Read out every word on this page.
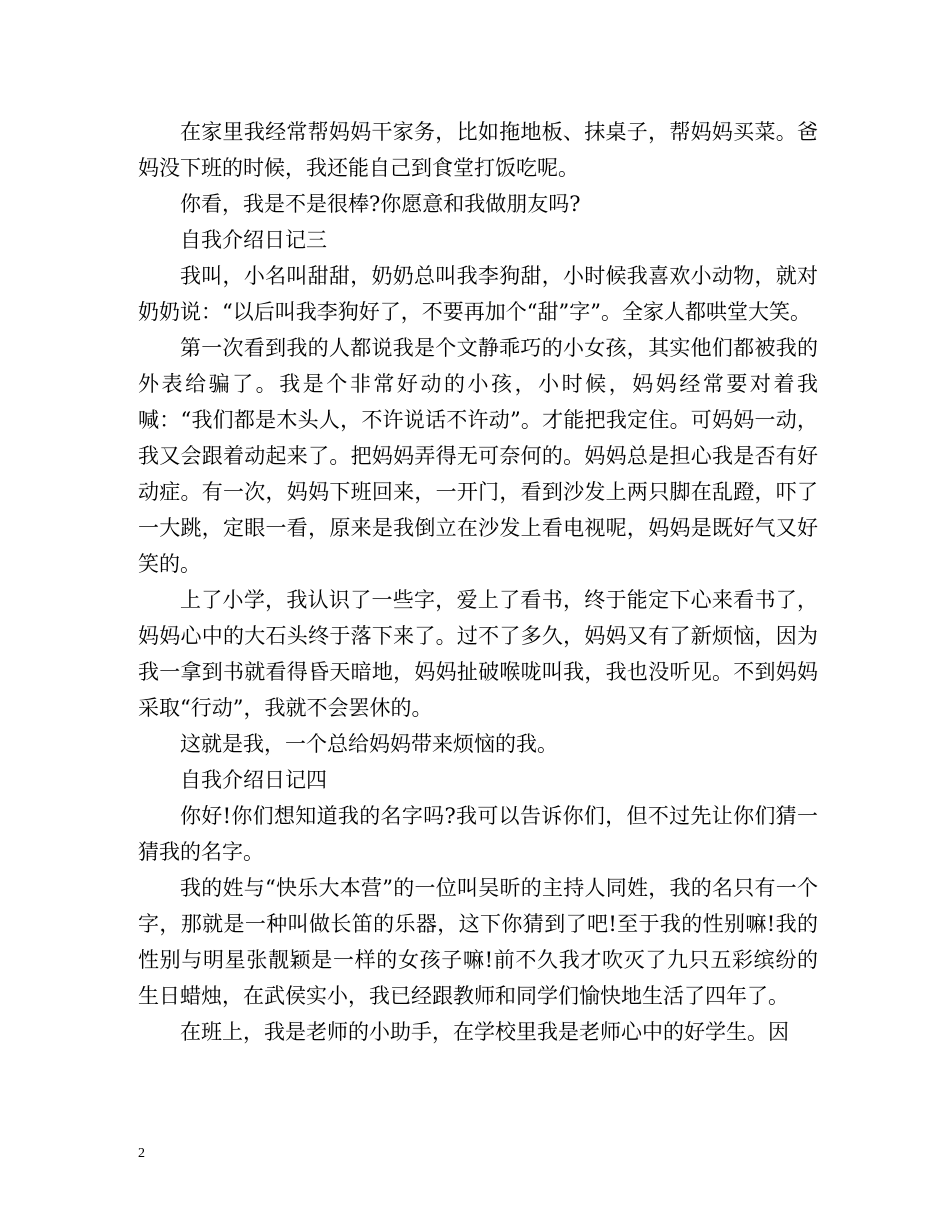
在家里我经常帮妈妈干家务，比如拖地板、抹桌子，帮妈妈买菜。爸妈没下班的时候，我还能自己到食堂打饭吃呢。

你看，我是不是很棒?你愿意和我做朋友吗?

自我介绍日记三

我叫，小名叫甜甜，奶奶总叫我李狗甜，小时候我喜欢小动物，就对奶奶说：“以后叫我李狗好了，不要再加个“甜”字”。全家人都哄堂大笑。

第一次看到我的人都说我是个文静乖巧的小女孩，其实他们都被我的外表给骗了。我是个非常好动的小孩，小时候，妈妈经常要对着我喊：“我们都是木头人，不许说话不许动”。才能把我定住。可妈妈一动，我又会跟着动起来了。把妈妈弄得无可奈何的。妈妈总是担心我是否有好动症。有一次，妈妈下班回来，一开门，看到沙发上两只脚在乱蹬，吓了一大跳，定眼一看，原来是我倒立在沙发上看电视呢，妈妈是既好气又好笑的。

上了小学，我认识了一些字，爱上了看书，终于能定下心来看书了，妈妈心中的大石头终于落下来了。过不了多久，妈妈又有了新烦恼，因为我一拿到书就看得昏天暗地，妈妈扯破喉咙叫我，我也没听见。不到妈妈采取“行动”，我就不会罢休的。

这就是我，一个总给妈妈带来烦恼的我。

自我介绍日记四

你好!你们想知道我的名字吗?我可以告诉你们，但不过先让你们猜一猜我的名字。

我的姓与“快乐大本营”的一位叫吴昕的主持人同姓，我的名只有一个字，那就是一种叫做长笛的乐器，这下你猜到了吧!至于我的性别嘛!我的性别与明星张靓颖是一样的女孩子嘛!前不久我才吹灭了九只五彩缤纷的生日蜡烛，在武侯实小，我已经跟教师和同学们愉快地生活了四年了。

在班上，我是老师的小助手，在学校里我是老师心中的好学生。因

2
